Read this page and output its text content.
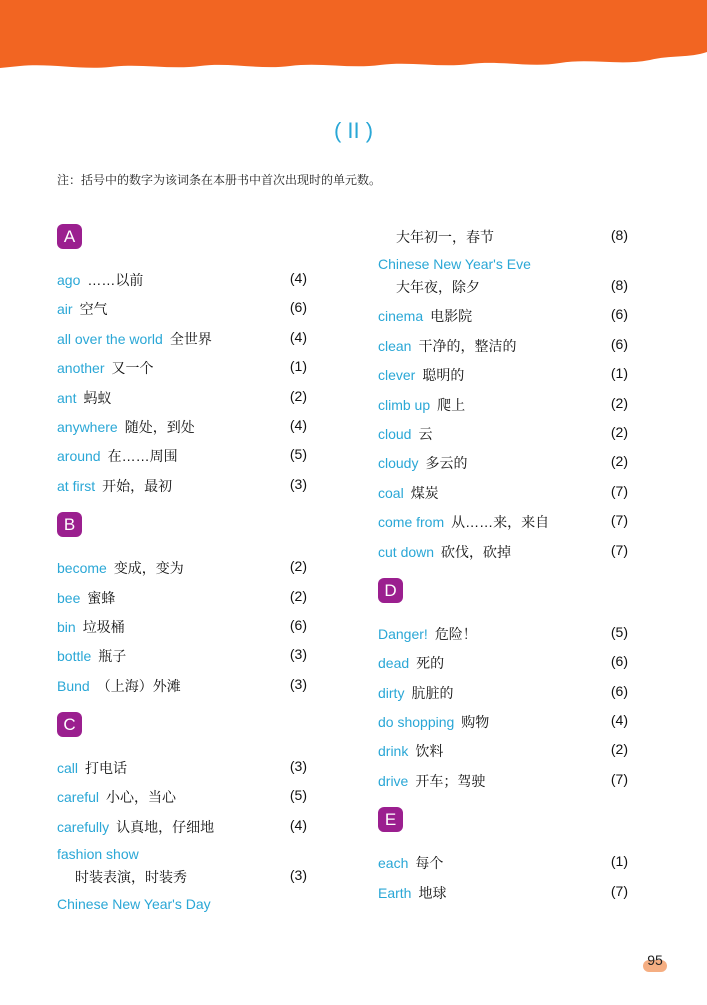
( II )
注：括号中的数字为该词条在本册书中首次出现时的单元数。
A
ago ……以前	(4)
air 空气	(6)
all over the world 全世界	(4)
another 又一个	(1)
ant 蚂蚁	(2)
anywhere 随处，到处	(4)
around 在……周围	(5)
at first 开始，最初	(3)
B
become 变成，变为	(2)
bee 蜜蜂	(2)
bin 垃圾桶	(6)
bottle 瓶子	(3)
Bund （上海）外滩	(3)
C
call 打电话	(3)
careful 小心，当心	(5)
carefully 认真地，仔细地	(4)
fashion show
时装表演，时装秀	(3)
Chinese New Year's Day
大年初一，春节	(8)
Chinese New Year's Eve
大年夜，除夕	(8)
cinema 电影院	(6)
clean 干净的，整洁的	(6)
clever 聪明的	(1)
climb up 爬上	(2)
cloud 云	(2)
cloudy 多云的	(2)
coal 煤炭	(7)
come from 从……来，来自	(7)
cut down 砍伐，砍掉	(7)
D
Danger! 危险！	(5)
dead 死的	(6)
dirty 肮脏的	(6)
do shopping 购物	(4)
drink 饮料	(2)
drive 开车；驾驶	(7)
E
each 每个	(1)
Earth 地球	(7)
95
